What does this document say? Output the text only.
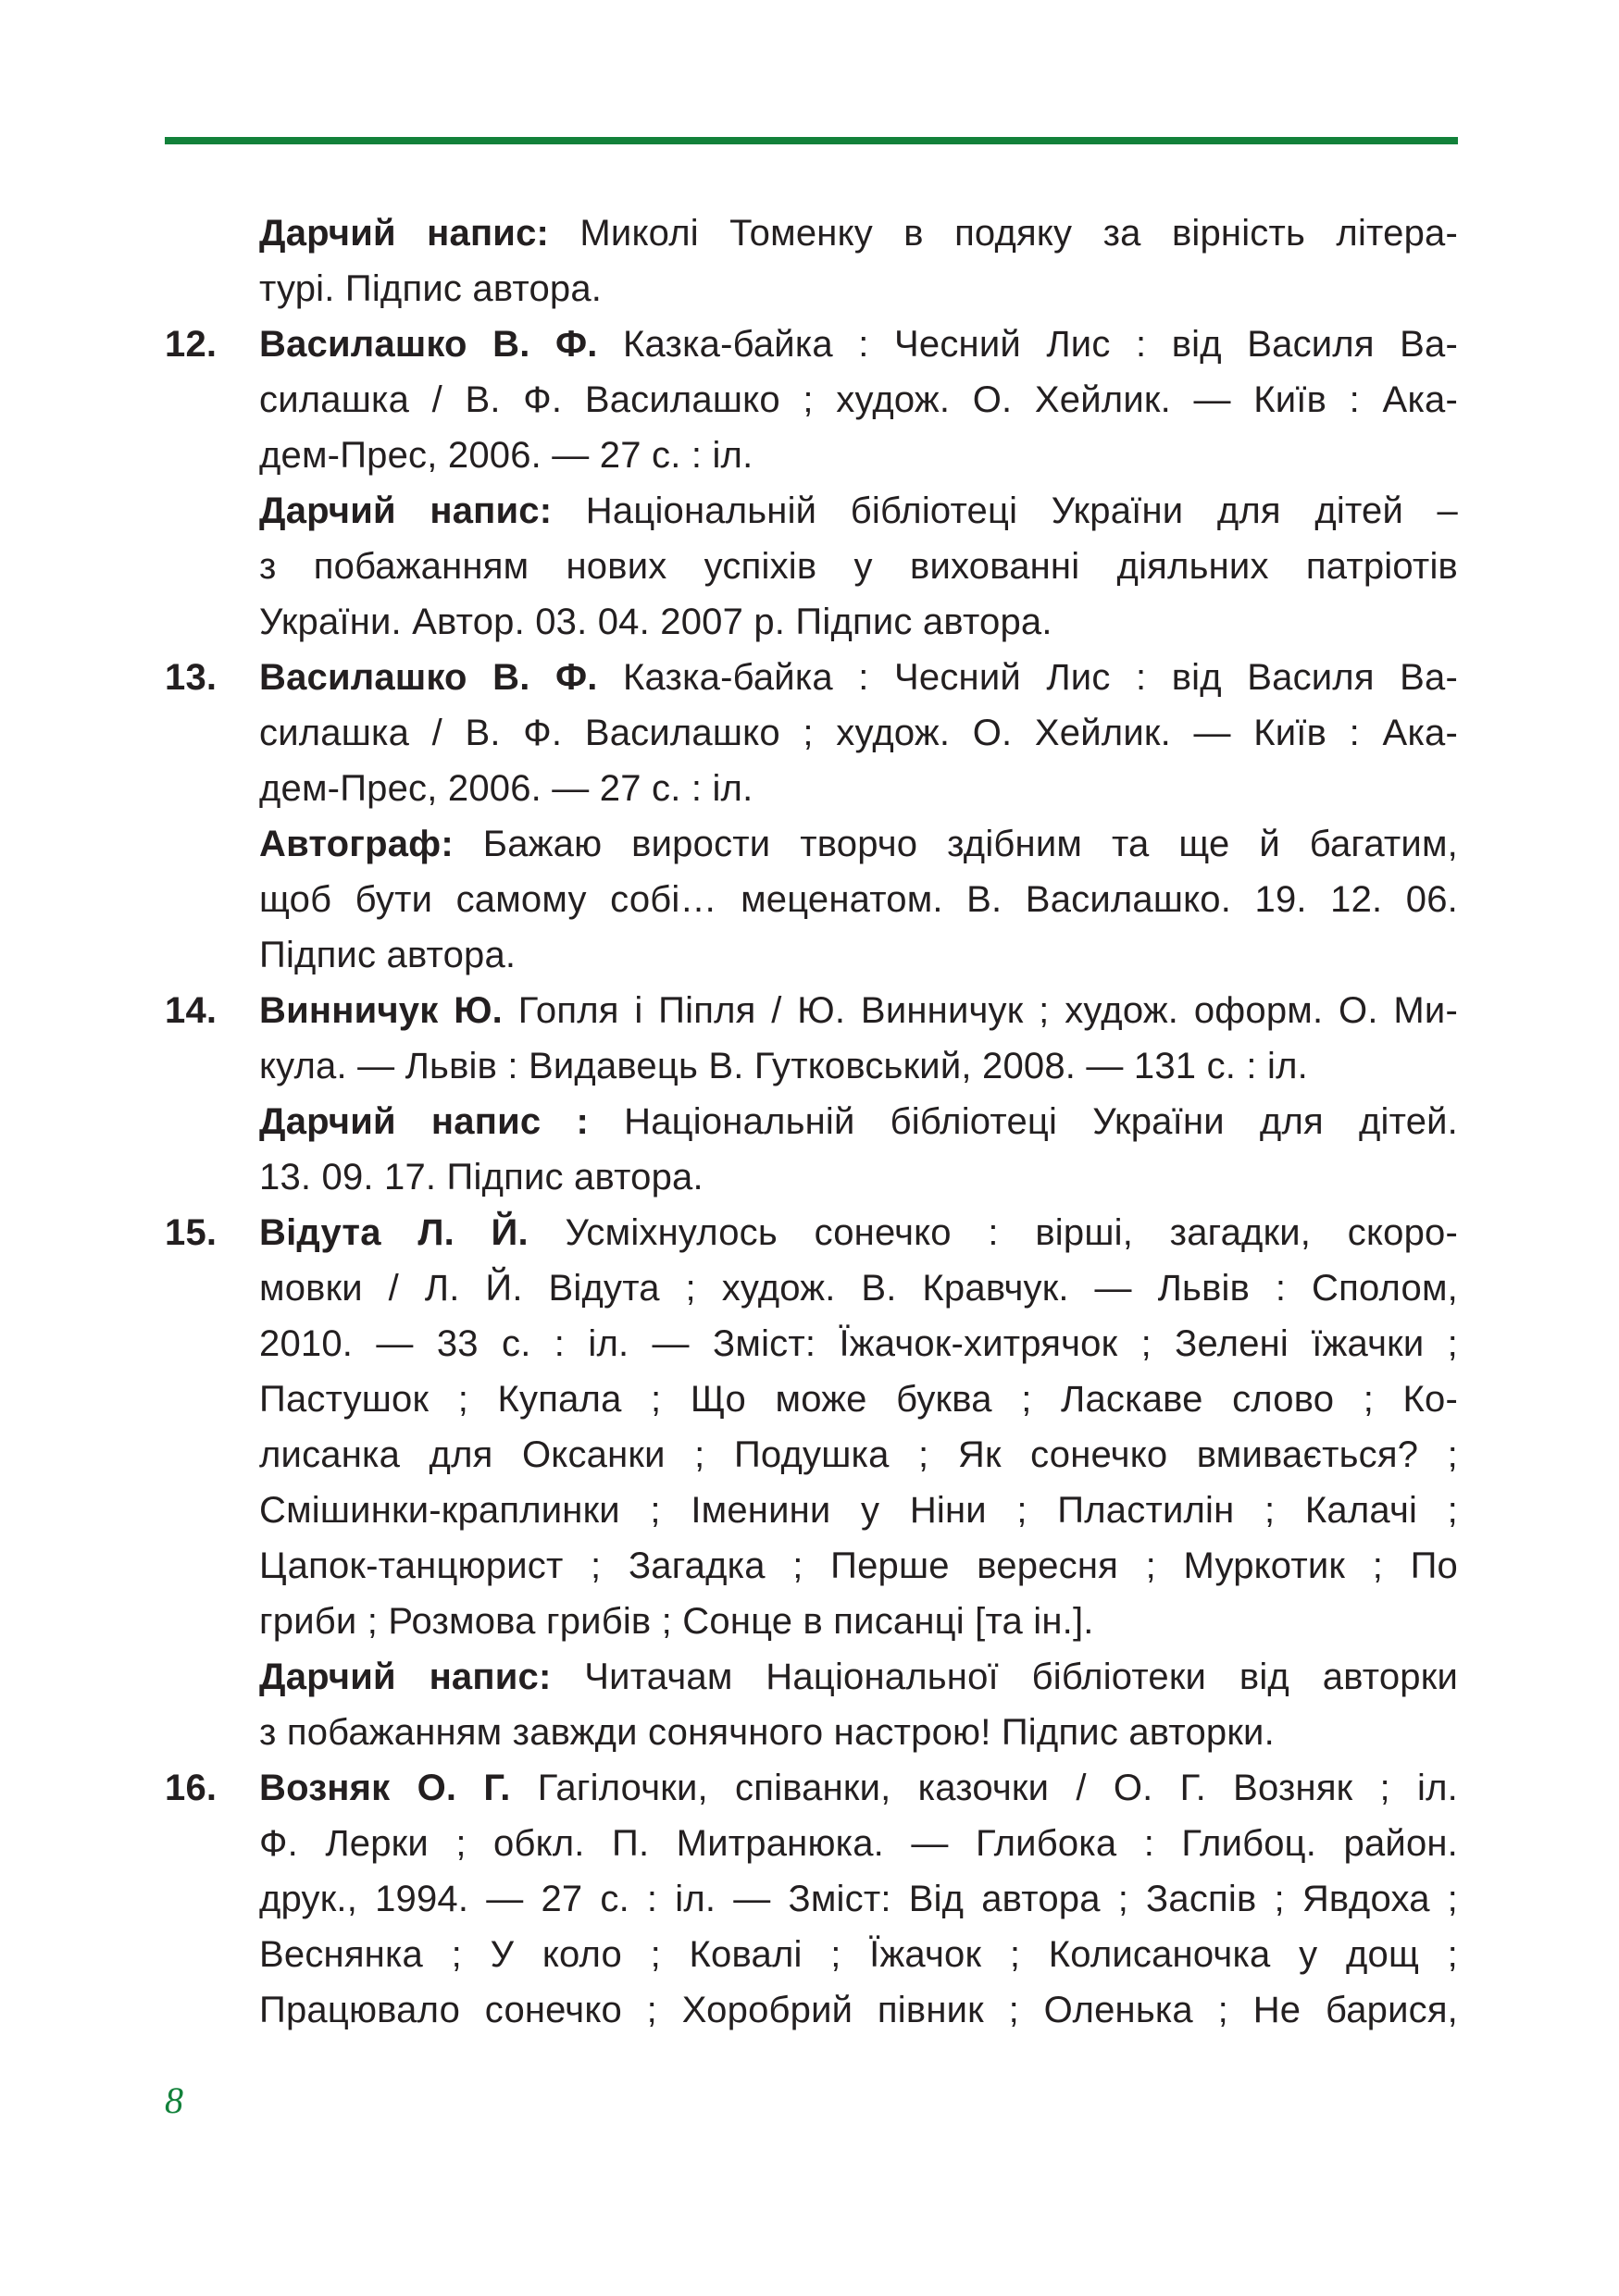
Дарчий напис: Миколі Томенку в подяку за вірність літера-
турі. Підпис автора.
12. Василашко В. Ф. Казка-байка : Чесний Лис : від Василя Ва-
силашка / В. Ф. Василашко ; худож. О. Хейлик. — Київ : Ака-
дем-Прес, 2006. — 27 с. : іл.
Дарчий напис: Національній бібліотеці України для дітей –
з побажанням нових успіхів у вихованні діяльних патріотів
України. Автор. 03. 04. 2007 р. Підпис автора.
13. Василашко В. Ф. Казка-байка : Чесний Лис : від Василя Ва-
силашка / В. Ф. Василашко ; худож. О. Хейлик. — Київ : Ака-
дем-Прес, 2006. — 27 с. : іл.
Автограф: Бажаю вирости творчо здібним та ще й багатим,
щоб бути самому собі… меценатом. В. Василашко. 19. 12. 06.
Підпис автора.
14. Винничук Ю. Гопля і Піпля / Ю. Винничук ; худож. оформ. О. Ми-
кула. — Львів : Видавець В. Гутковський, 2008. — 131 с. : іл.
Дарчий напис : Національній бібліотеці України для дітей.
13. 09. 17. Підпис автора.
15. Відута Л. Й. Усміхнулось сонечко : вірші, загадки, скоро-
мовки / Л. Й. Відута ; худож. В. Кравчук. — Львів : Сполом,
2010. — 33 с. : іл. — Зміст: Їжачок-хитрячок ; Зелені їжачки ;
Пастушок ; Купала ; Що може буква ; Ласкаве слово ; Ко-
лисанка для Оксанки ; Подушка ; Як сонечко вмивається? ;
Смішинки-краплинки ; Іменини у Ніни ; Пластилін ; Калачі ;
Цапок-танцюрист ; Загадка ; Перше вересня ; Муркотик ; По
гриби ; Розмова грибів ; Сонце в писанці [та ін.].
Дарчий напис: Читачам Національної бібліотеки від авторки
з побажанням завжди сонячного настрою! Підпис авторки.
16. Возняк О. Г. Гагілочки, співанки, казочки / О. Г. Возняк ; іл.
Ф. Лерки ; обкл. П. Митранюка. — Глибока : Глибоц. район.
друк., 1994. — 27 с. : іл. — Зміст: Від автора ; Заспів ; Явдоха ;
Веснянка ; У коло ; Ковалі ; Їжачок ; Колисаночка у дощ ;
Працювало сонечко ; Хоробрий півник ; Оленька ; Не барися,
8
